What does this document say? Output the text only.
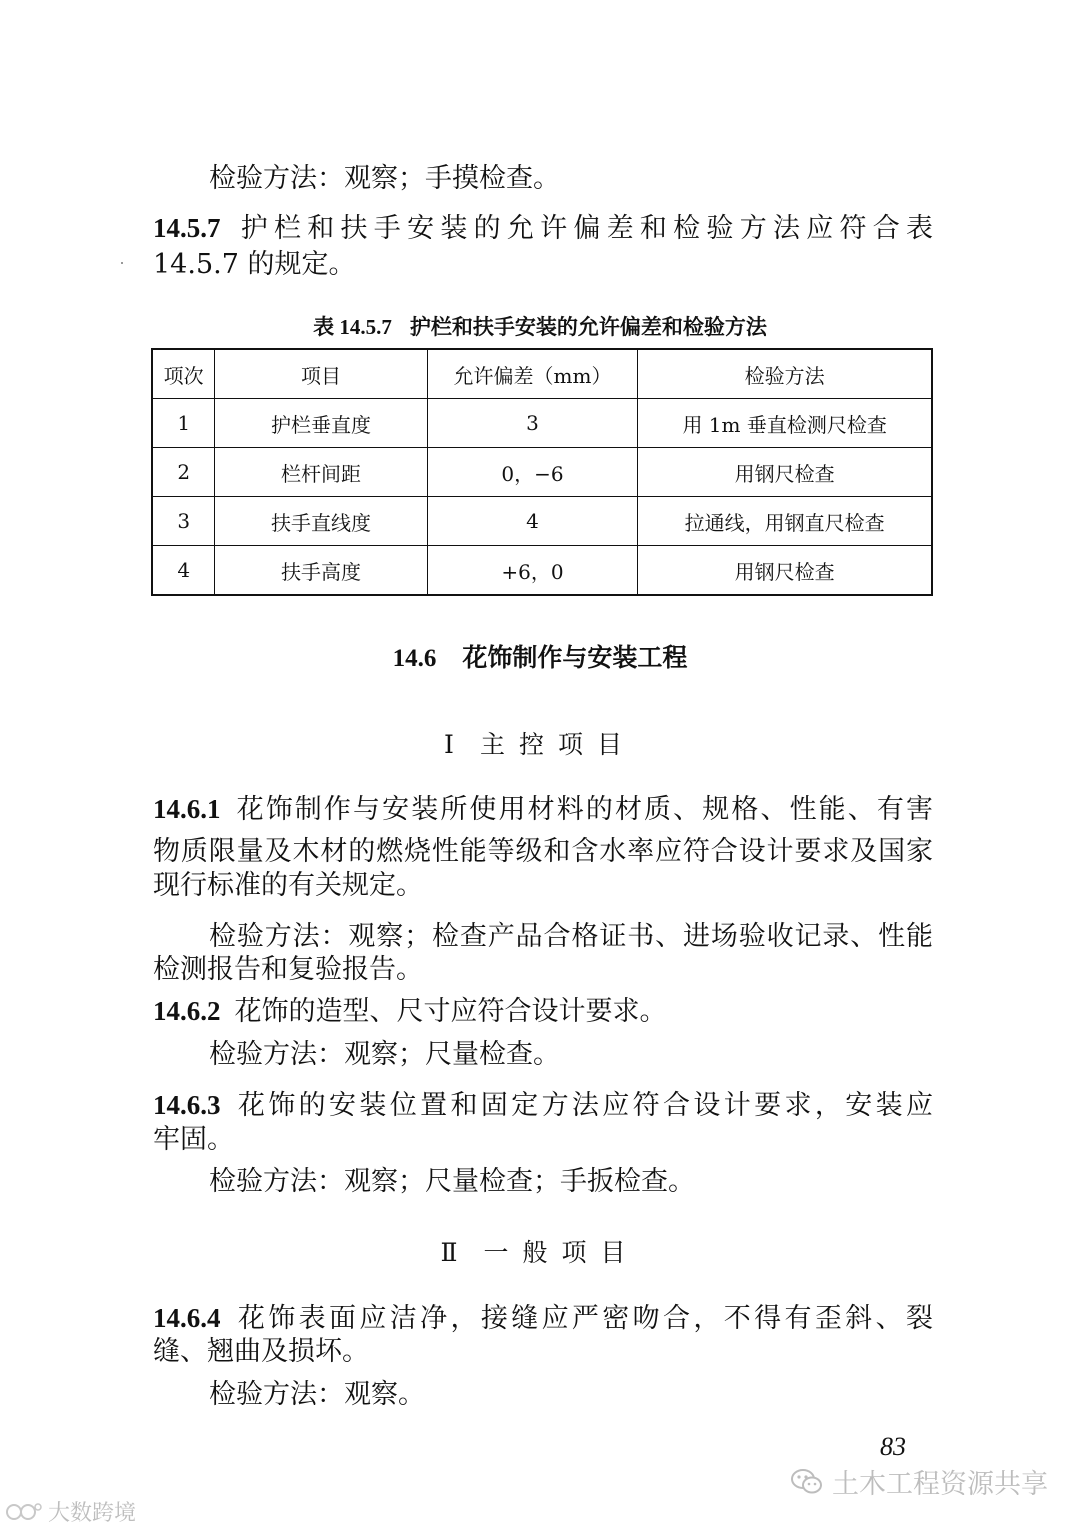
检验方法：观察；手摸检查。
14.5.7 护栏和扶手安装的允许偏差和检验方法应符合表
14.5.7 的规定。
表 14.5.7 护栏和扶手安装的允许偏差和检验方法
项次	项目	允许偏差（mm）	检验方法
1	护栏垂直度	3	用 1m 垂直检测尺检查
2	栏杆间距	0，−6	用钢尺检查
3	扶手直线度	4	拉通线，用钢直尺检查
4	扶手高度	+6，0	用钢尺检查
14.6 花饰制作与安装工程
Ⅰ 主控项目
14.6.1 花饰制作与安装所使用材料的材质、规格、性能、有害
物质限量及木材的燃烧性能等级和含水率应符合设计要求及国家
现行标准的有关规定。
检验方法：观察；检查产品合格证书、进场验收记录、性能
检测报告和复验报告。
14.6.2 花饰的造型、尺寸应符合设计要求。
检验方法：观察；尺量检查。
14.6.3 花饰的安装位置和固定方法应符合设计要求，安装应
牢固。
检验方法：观察；尺量检查；手扳检查。
Ⅱ 一般项目
14.6.4 花饰表面应洁净，接缝应严密吻合，不得有歪斜、裂
缝、翘曲及损坏。
检验方法：观察。
83
土木工程资源共享
大数跨境
